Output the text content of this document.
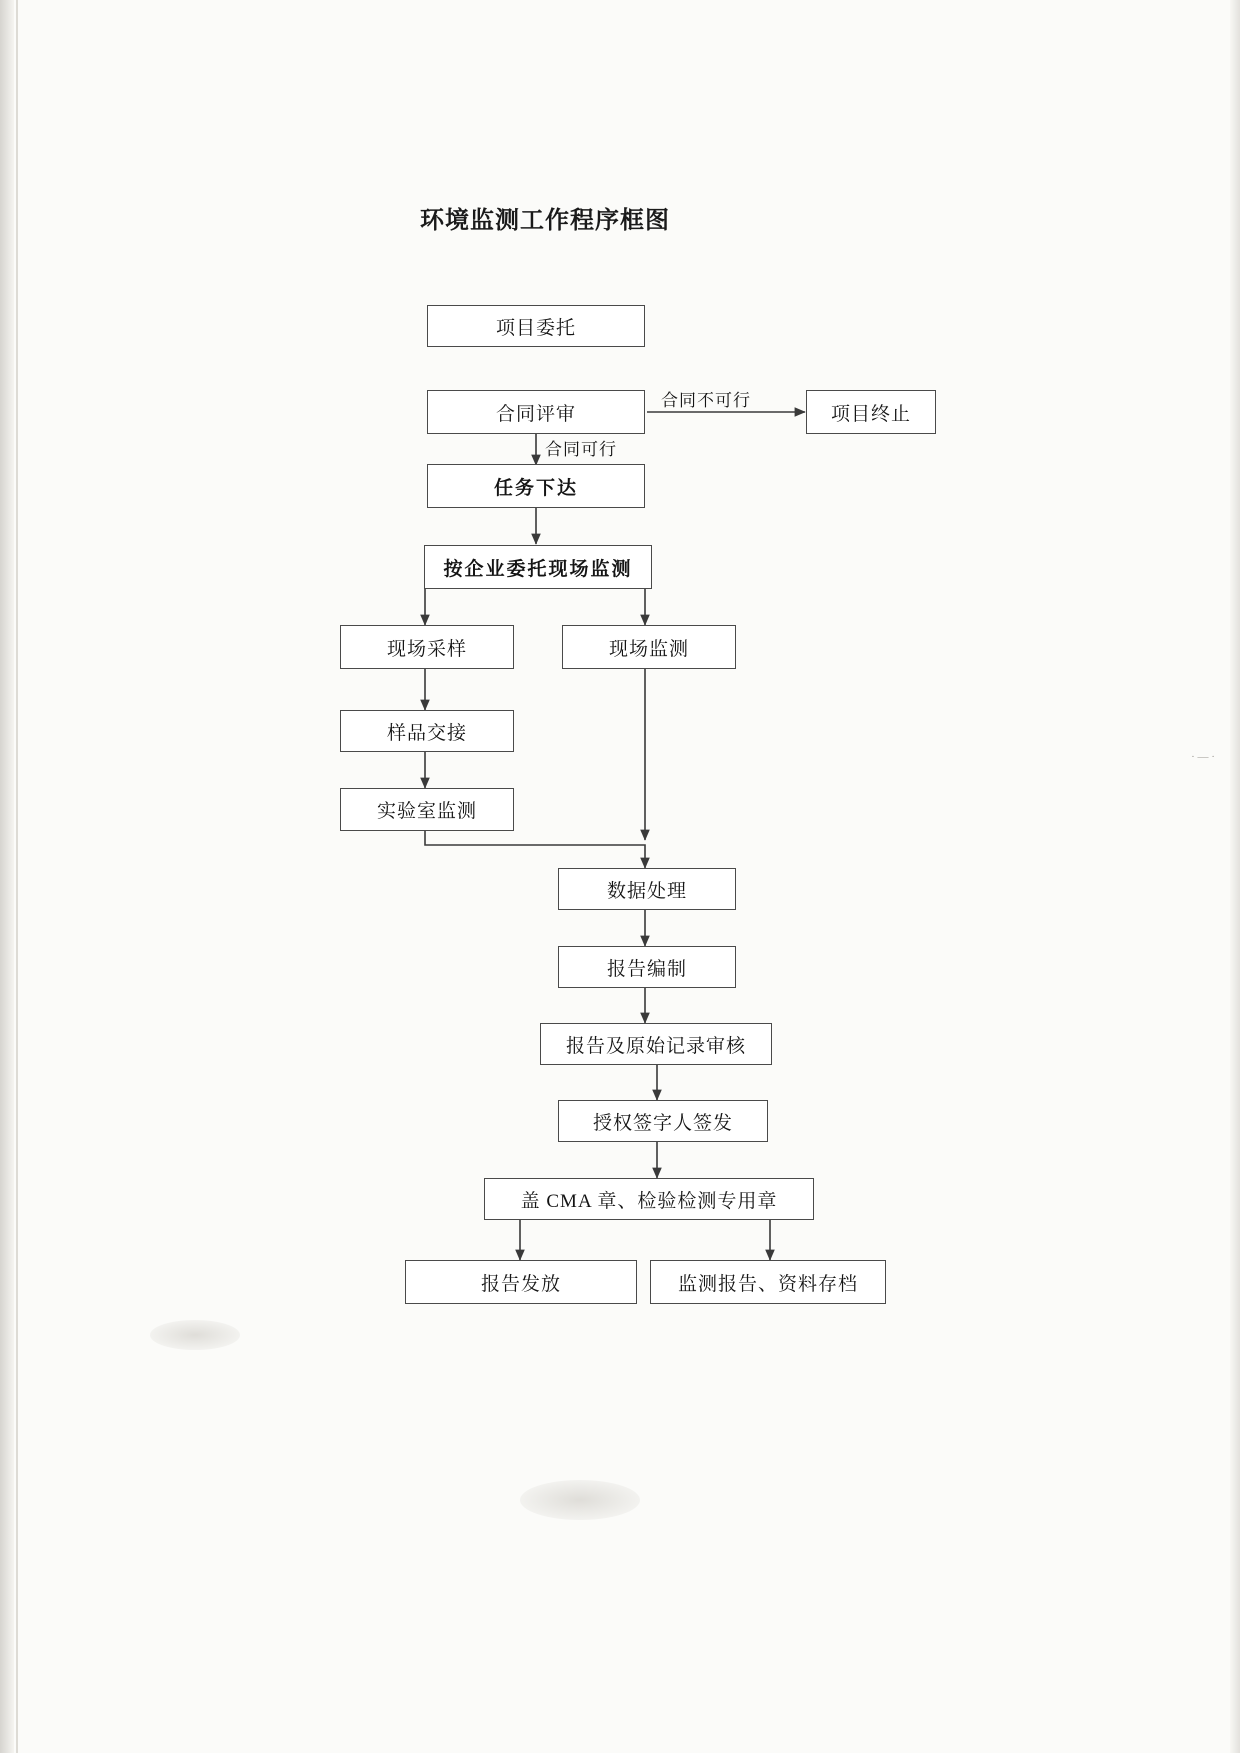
环境监测工作程序框图
项目委托
合同评审	项目终止
合同不可行
合同可行
任务下达
按企业委托现场监测
现场采样	现场监测
样品交接
实验室监测
数据处理
报告编制
报告及原始记录审核
授权签字人签发
盖 CMA 章、检验检测专用章
报告发放	监测报告、资料存档
· — ·
